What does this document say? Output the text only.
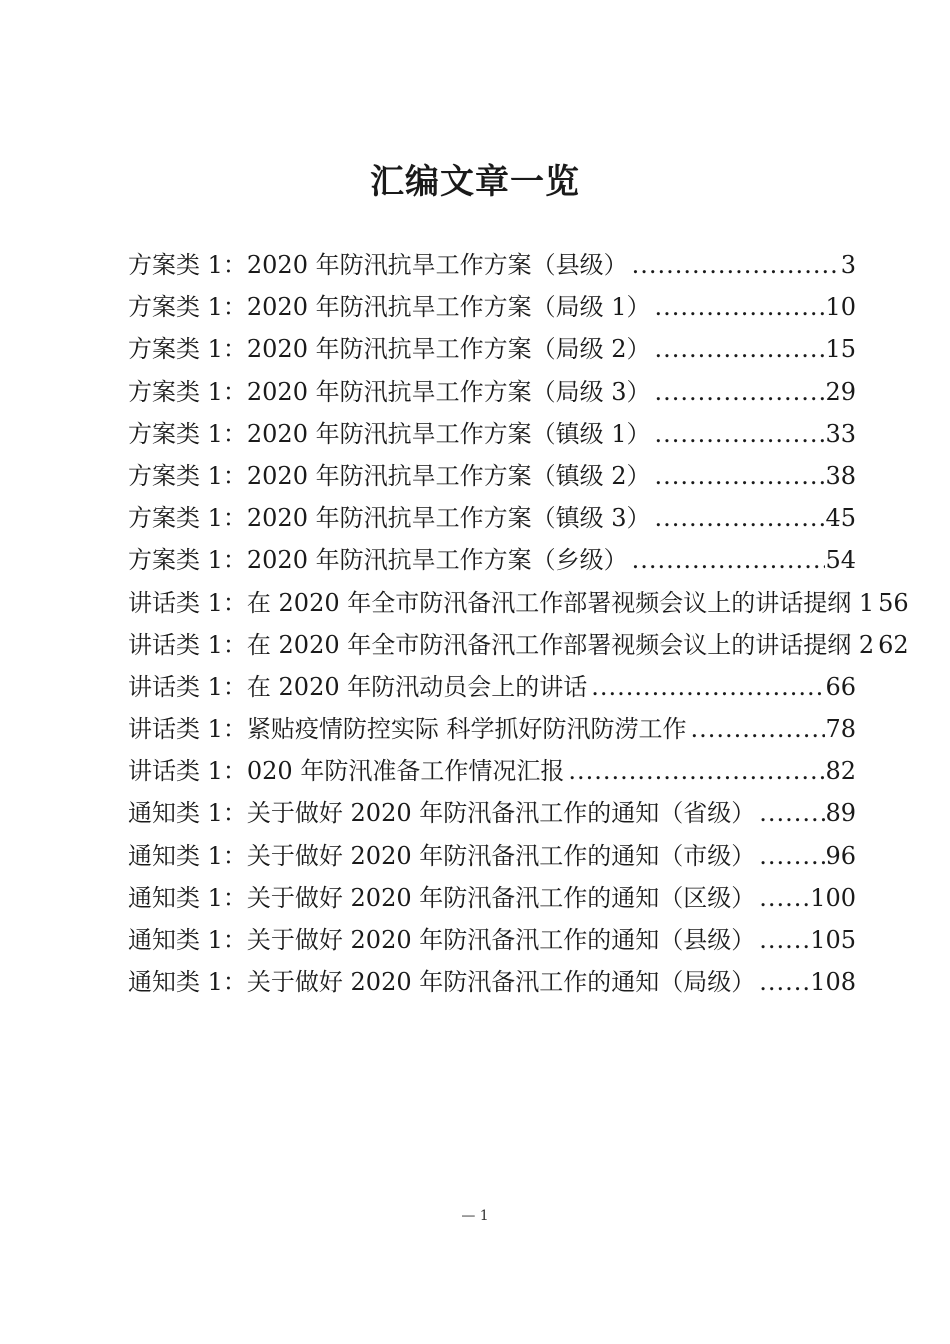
汇编文章一览
方案类 1：2020 年防汛抗旱工作方案（县级） .....	3
方案类 1：2020 年防汛抗旱工作方案（局级 1） .....	10
方案类 1：2020 年防汛抗旱工作方案（局级 2） .....	15
方案类 1：2020 年防汛抗旱工作方案（局级 3） .....	29
方案类 1：2020 年防汛抗旱工作方案（镇级 1） .....	33
方案类 1：2020 年防汛抗旱工作方案（镇级 2） .....	38
方案类 1：2020 年防汛抗旱工作方案（镇级 3） .....	45
方案类 1：2020 年防汛抗旱工作方案（乡级） .....	54
讲话类 1：在 2020 年全市防汛备汛工作部署视频会议上的讲话提纲 1 56
讲话类 1：在 2020 年全市防汛备汛工作部署视频会议上的讲话提纲 2 62
讲话类 1：在 2020 年防汛动员会上的讲话 .....	66
讲话类 1：紧贴疫情防控实际 科学抓好防汛防涝工作 .....	78
讲话类 1：020 年防汛准备工作情况汇报 .....	82
通知类 1：关于做好 2020 年防汛备汛工作的通知（省级） .....	89
通知类 1：关于做好 2020 年防汛备汛工作的通知（市级） .....	96
通知类 1：关于做好 2020 年防汛备汛工作的通知（区级） ..... 100
通知类 1：关于做好 2020 年防汛备汛工作的通知（县级） ..... 105
通知类 1：关于做好 2020 年防汛备汛工作的通知（局级） ..... 108
— 1
